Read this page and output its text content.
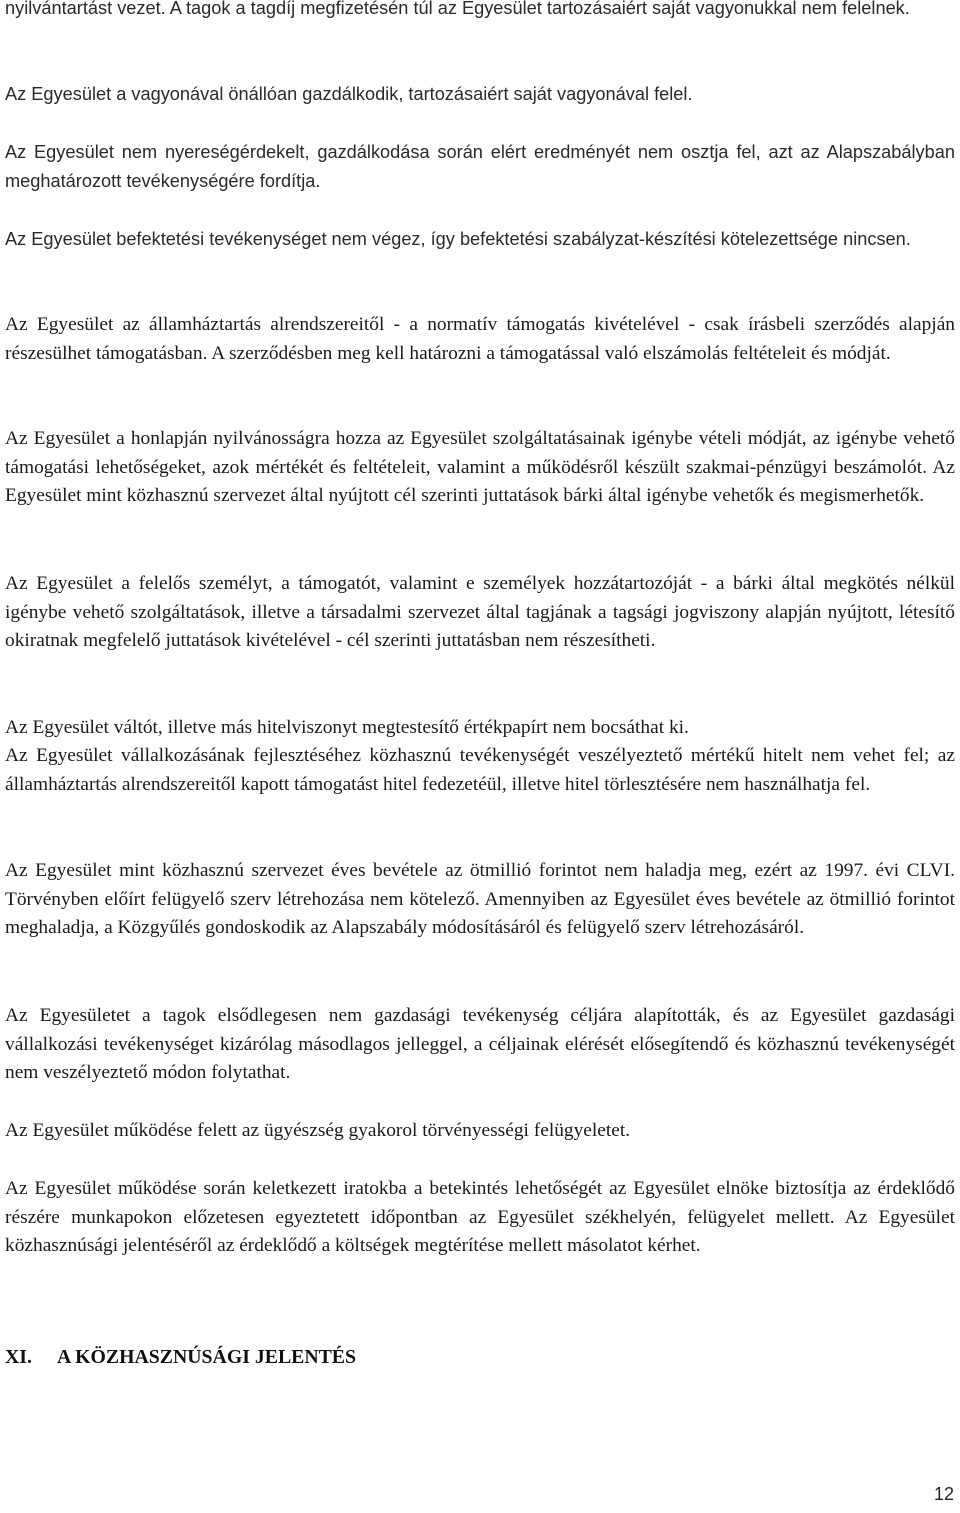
nyilvántartást vezet. A tagok a tagdíj megfizetésén túl az Egyesület tartozásaiért saját vagyonukkal nem felelnek.

Az Egyesület a vagyonával önállóan gazdálkodik, tartozásaiért saját vagyonával felel.

Az Egyesület nem nyereségérdekelt, gazdálkodása során elért eredményét nem osztja fel, azt az Alapszabályban meghatározott tevékenységére fordítja.

Az Egyesület befektetési tevékenységet nem végez, így befektetési szabályzat-készítési kötelezettsége nincsen.

Az Egyesület az államháztartás alrendszereitől - a normatív támogatás kivételével - csak írásbeli szerződés alapján részesülhet támogatásban. A szerződésben meg kell határozni a támogatással való elszámolás feltételeit és módját.

Az Egyesület a honlapján nyilvánosságra hozza az Egyesület szolgáltatásainak igénybe vételi módját, az igénybe vehető támogatási lehetőségeket, azok mértékét és feltételeit, valamint a működésről készült szakmai-pénzügyi beszámolót. Az Egyesület mint közhasznú szervezet által nyújtott cél szerinti juttatások bárki által igénybe vehetők és megismerhetők.

Az Egyesület a felelős személyt, a támogatót, valamint e személyek hozzátartozóját - a bárki által megkötés nélkül igénybe vehető szolgáltatások, illetve a társadalmi szervezet által tagjának a tagsági jogviszony alapján nyújtott, létesítő okiratnak megfelelő juttatások kivételével - cél szerinti juttatásban nem részesítheti.

Az Egyesület váltót, illetve más hitelviszonyt megtestesítő értékpapírt nem bocsáthat ki.

Az Egyesület vállalkozásának fejlesztéséhez közhasznú tevékenységét veszélyeztető mértékű hitelt nem vehet fel; az államháztartás alrendszereitől kapott támogatást hitel fedezetéül, illetve hitel törlesztésére nem használhatja fel.

Az Egyesület mint közhasznú szervezet éves bevétele az ötmillió forintot nem haladja meg, ezért az 1997. évi CLVI. Törvényben előírt felügyelő szerv létrehozása nem kötelező. Amennyiben az Egyesület éves bevétele az ötmillió forintot meghaladja, a Közgyűlés gondoskodik az Alapszabály módosításáról és felügyelő szerv létrehozásáról.

Az Egyesületet a tagok elsődlegesen nem gazdasági tevékenység céljára alapították, és az Egyesület gazdasági vállalkozási tevékenységet kizárólag másodlagos jelleggel, a céljainak elérését elősegítendő és közhasznú tevékenységét nem veszélyeztető módon folytathat.

Az Egyesület működése felett az ügyészség gyakorol törvényességi felügyeletet.

Az Egyesület működése során keletkezett iratokba a betekintés lehetőségét az Egyesület elnöke biztosítja az érdeklődő részére munkapokon előzetesen egyeztetett időpontban az Egyesület székhelyén, felügyelet mellett. Az Egyesület közhasznúsági jelentéséről az érdeklődő a költségek megtérítése mellett másolatot kérhet.

XI. A KÖZHASZNÚSÁGI JELENTÉS
12
